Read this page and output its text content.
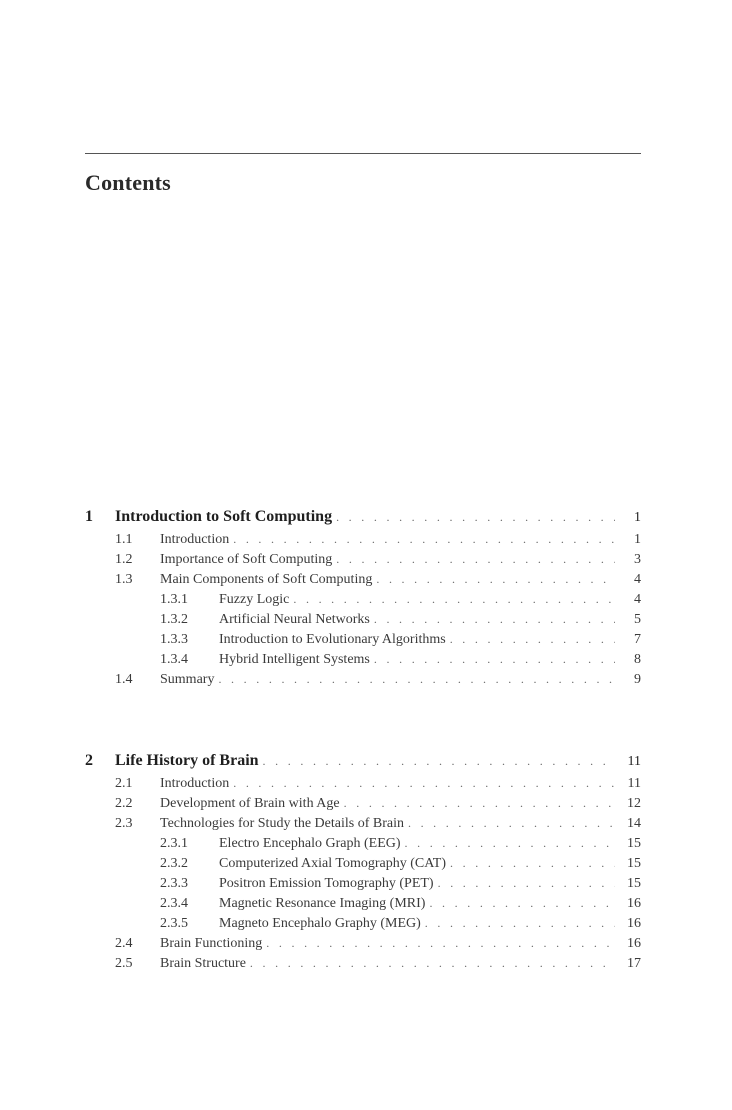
Contents
1	Introduction to Soft Computing . . .	1
1.1	Introduction . . .	1
1.2	Importance of Soft Computing . . .	3
1.3	Main Components of Soft Computing . . .	4
1.3.1	Fuzzy Logic . . .	4
1.3.2	Artificial Neural Networks . . .	5
1.3.3	Introduction to Evolutionary Algorithms . . .	7
1.3.4	Hybrid Intelligent Systems . . .	8
1.4	Summary . . .	9
2	Life History of Brain . . .	11
2.1	Introduction . . .	11
2.2	Development of Brain with Age . . .	12
2.3	Technologies for Study the Details of Brain . . .	14
2.3.1	Electro Encephalo Graph (EEG) . . .	15
2.3.2	Computerized Axial Tomography (CAT) . . .	15
2.3.3	Positron Emission Tomography (PET) . . .	15
2.3.4	Magnetic Resonance Imaging (MRI) . . .	16
2.3.5	Magneto Encephalo Graphy (MEG) . . .	16
2.4	Brain Functioning . . .	16
2.5	Brain Structure . . .	17
